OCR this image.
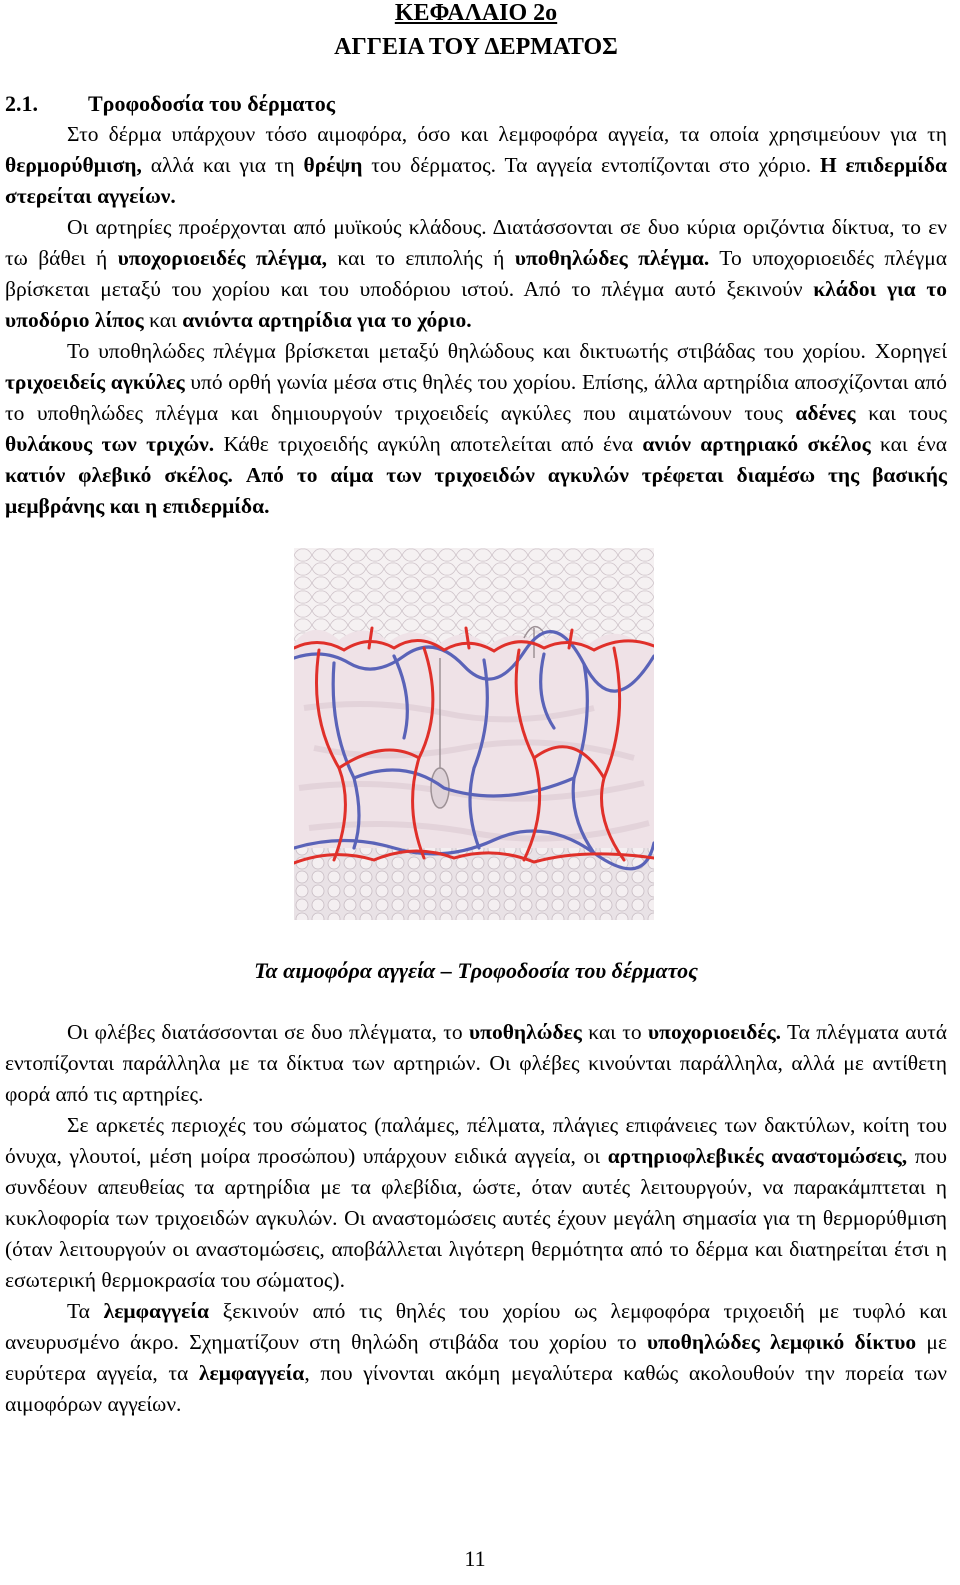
ΚΕΦΑΛΑΙΟ 2ο
ΑΓΓΕΙΑ ΤΟΥ ΔΕΡΜΑΤΟΣ
2.1. Τροφοδοσία του δέρματος

Στο δέρμα υπάρχουν τόσο αιμοφόρα, όσο και λεμφοφόρα αγγεία, τα οποία χρησιμεύουν για τη θερμορύθμιση, αλλά και για τη θρέψη του δέρματος. Τα αγγεία εντοπίζονται στο χόριο. Η επιδερμίδα στερείται αγγείων.

Οι αρτηρίες προέρχονται από μυϊκούς κλάδους. Διατάσσονται σε δυο κύρια οριζόντια δίκτυα, το εν τω βάθει ή υποχοριοειδές πλέγμα, και το επιπολής ή υποθηλώδες πλέγμα. Το υποχοριοειδές πλέγμα βρίσκεται μεταξύ του χορίου και του υποδόριου ιστού. Από το πλέγμα αυτό ξεκινούν κλάδοι για το υποδόριο λίπος και ανιόντα αρτηρίδια για το χόριο.

Το υποθηλώδες πλέγμα βρίσκεται μεταξύ θηλώδους και δικτυωτής στιβάδας του χορίου. Χορηγεί τριχοειδείς αγκύλες υπό ορθή γωνία μέσα στις θηλές του χορίου. Επίσης, άλλα αρτηρίδια αποσχίζονται από το υποθηλώδες πλέγμα και δημιουργούν τριχοειδείς αγκύλες που αιματώνουν τους αδένες και τους θυλάκους των τριχών. Κάθε τριχοειδής αγκύλη αποτελείται από ένα ανιόν αρτηριακό σκέλος και ένα κατιόν φλεβικό σκέλος. Από το αίμα των τριχοειδών αγκυλών τρέφεται διαμέσω της βασικής μεμβράνης και η επιδερμίδα.

Τα αιμοφόρα αγγεία – Τροφοδοσία του δέρματος

Οι φλέβες διατάσσονται σε δυο πλέγματα, το υποθηλώδες και το υποχοριοειδές. Τα πλέγματα αυτά εντοπίζονται παράλληλα με τα δίκτυα των αρτηριών. Οι φλέβες κινούνται παράλληλα, αλλά με αντίθετη φορά από τις αρτηρίες.

Σε αρκετές περιοχές του σώματος (παλάμες, πέλματα, πλάγιες επιφάνειες των δακτύλων, κοίτη του όνυχα, γλουτοί, μέση μοίρα προσώπου) υπάρχουν ειδικά αγγεία, οι αρτηριοφλεβικές αναστομώσεις, που συνδέουν απευθείας τα αρτηρίδια με τα φλεβίδια, ώστε, όταν αυτές λειτουργούν, να παρακάμπτεται η κυκλοφορία των τριχοειδών αγκυλών. Οι αναστομώσεις αυτές έχουν μεγάλη σημασία για τη θερμορύθμιση (όταν λειτουργούν οι αναστομώσεις, αποβάλλεται λιγότερη θερμότητα από το δέρμα και διατηρείται έτσι η εσωτερική θερμοκρασία του σώματος).

Τα λεμφαγγεία ξεκινούν από τις θηλές του χορίου ως λεμφοφόρα τριχοειδή με τυφλό και ανευρυσμένο άκρο. Σχηματίζουν στη θηλώδη στιβάδα του χορίου το υποθηλώδες λεμφικό δίκτυο με ευρύτερα αγγεία, τα λεμφαγγεία, που γίνονται ακόμη μεγαλύτερα καθώς ακολουθούν την πορεία των αιμοφόρων αγγείων.

11
